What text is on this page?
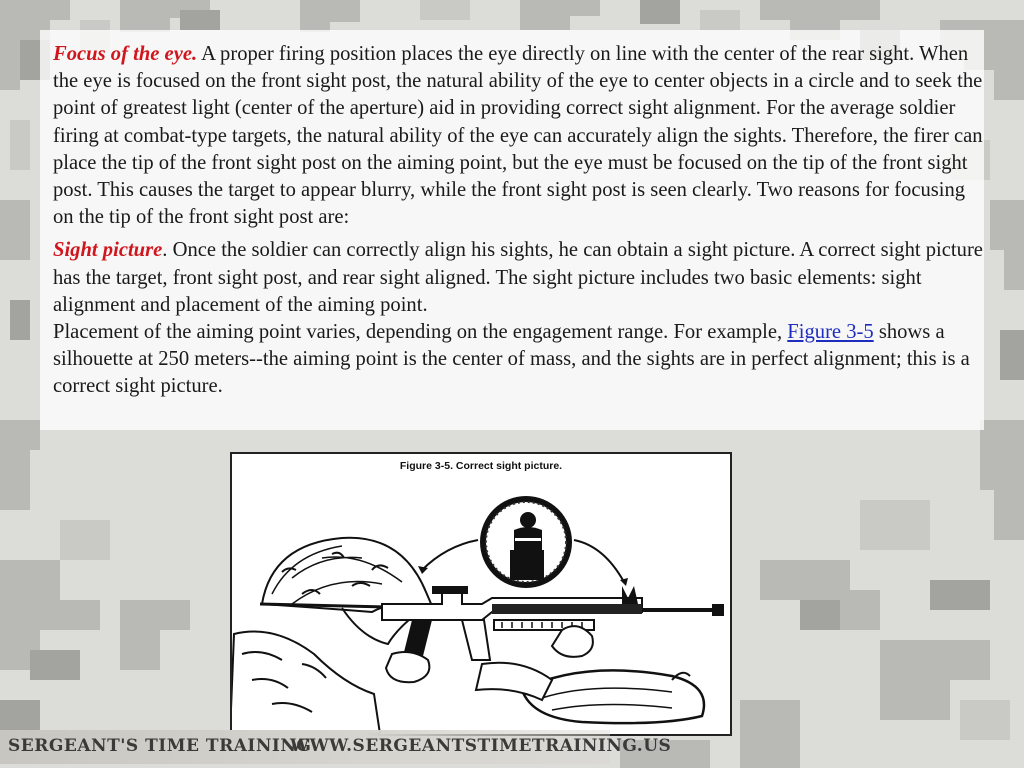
Focus of the eye. A proper firing position places the eye directly on line with the center of the rear sight. When the eye is focused on the front sight post, the natural ability of the eye to center objects in a circle and to seek the point of greatest light (center of the aperture) aid in providing correct sight alignment. For the average soldier firing at combat-type targets, the natural ability of the eye can accurately align the sights. Therefore, the firer can place the tip of the front sight post on the aiming point, but the eye must be focused on the tip of the front sight post. This causes the target to appear blurry, while the front sight post is seen clearly. Two reasons for focusing on the tip of the front sight post are:

Sight picture. Once the soldier can correctly align his sights, he can obtain a sight picture. A correct sight picture has the target, front sight post, and rear sight aligned. The sight picture includes two basic elements: sight alignment and placement of the aiming point.
Placement of the aiming point varies, depending on the engagement range. For example, Figure 3-5 shows a silhouette at 250 meters--the aiming point is the center of mass, and the sights are in perfect alignment; this is a correct sight picture.

Figure 3-5. Correct sight picture.
SERGEANT'S TIME TRAINING
WWW.SERGEANTSTIMETRAINING.US
